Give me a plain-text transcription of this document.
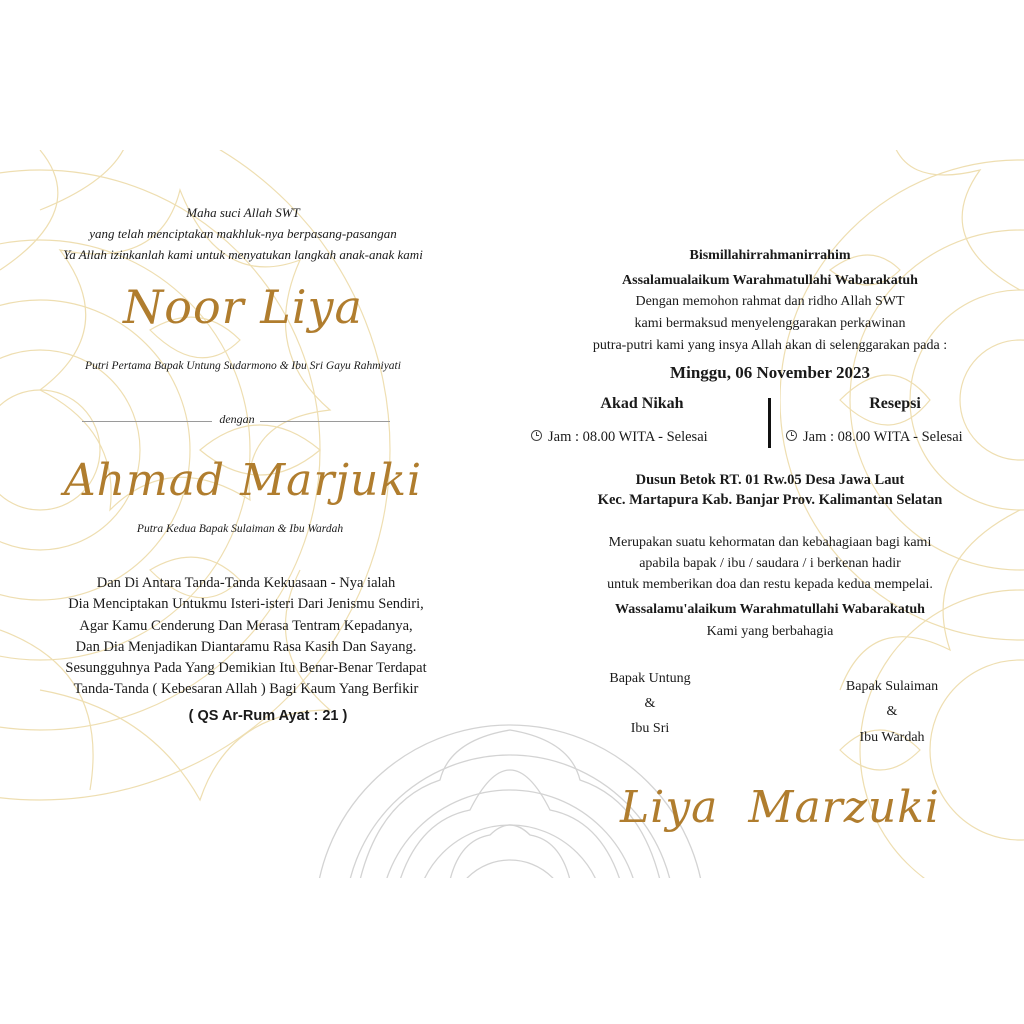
Maha suci Allah SWT
yang telah menciptakan makhluk-nya berpasang-pasangan
Ya Allah izinkanlah kami untuk menyatukan langkah anak-anak kami
Noor Liya
Putri Pertama Bapak Untung Sudarmono & Ibu Sri Gayu Rahmiyati
dengan
Ahmad Marjuki
Putra Kedua Bapak Sulaiman & Ibu Wardah
Dan Di Antara Tanda-Tanda Kekuasaan - Nya ialah
Dia Menciptakan Untukmu Isteri-isteri Dari Jenismu Sendiri,
Agar Kamu Cenderung Dan Merasa Tentram Kepadanya,
Dan Dia Menjadikan Diantaramu Rasa Kasih Dan Sayang.
Sesungguhnya Pada Yang Demikian Itu Benar-Benar Terdapat
Tanda-Tanda ( Kebesaran Allah ) Bagi Kaum Yang Berfikir
( QS Ar-Rum Ayat : 21 )
Bismillahirrahmanirrahim
Assalamualaikum Warahmatullahi Wabarakatuh
Dengan memohon rahmat dan ridho Allah SWT
kami bermaksud menyelenggarakan perkawinan
putra-putri kami yang insya Allah akan di selenggarakan pada :
Minggu, 06 November 2023
Akad Nikah
Jam : 08.00 WITA - Selesai
Resepsi
Jam : 08.00 WITA - Selesai
Dusun Betok RT. 01 Rw.05 Desa Jawa Laut
Kec. Martapura Kab. Banjar Prov. Kalimantan Selatan
Merupakan suatu kehormatan dan kebahagiaan bagi kami
apabila bapak / ibu / saudara / i berkenan hadir
untuk memberikan doa dan restu kepada kedua mempelai.
Wassalamu'alaikum Warahmatullahi Wabarakatuh
Kami yang berbahagia
Bapak Untung
&
Ibu Sri
Bapak Sulaiman
&
Ibu Wardah
Liya  Marzuki
